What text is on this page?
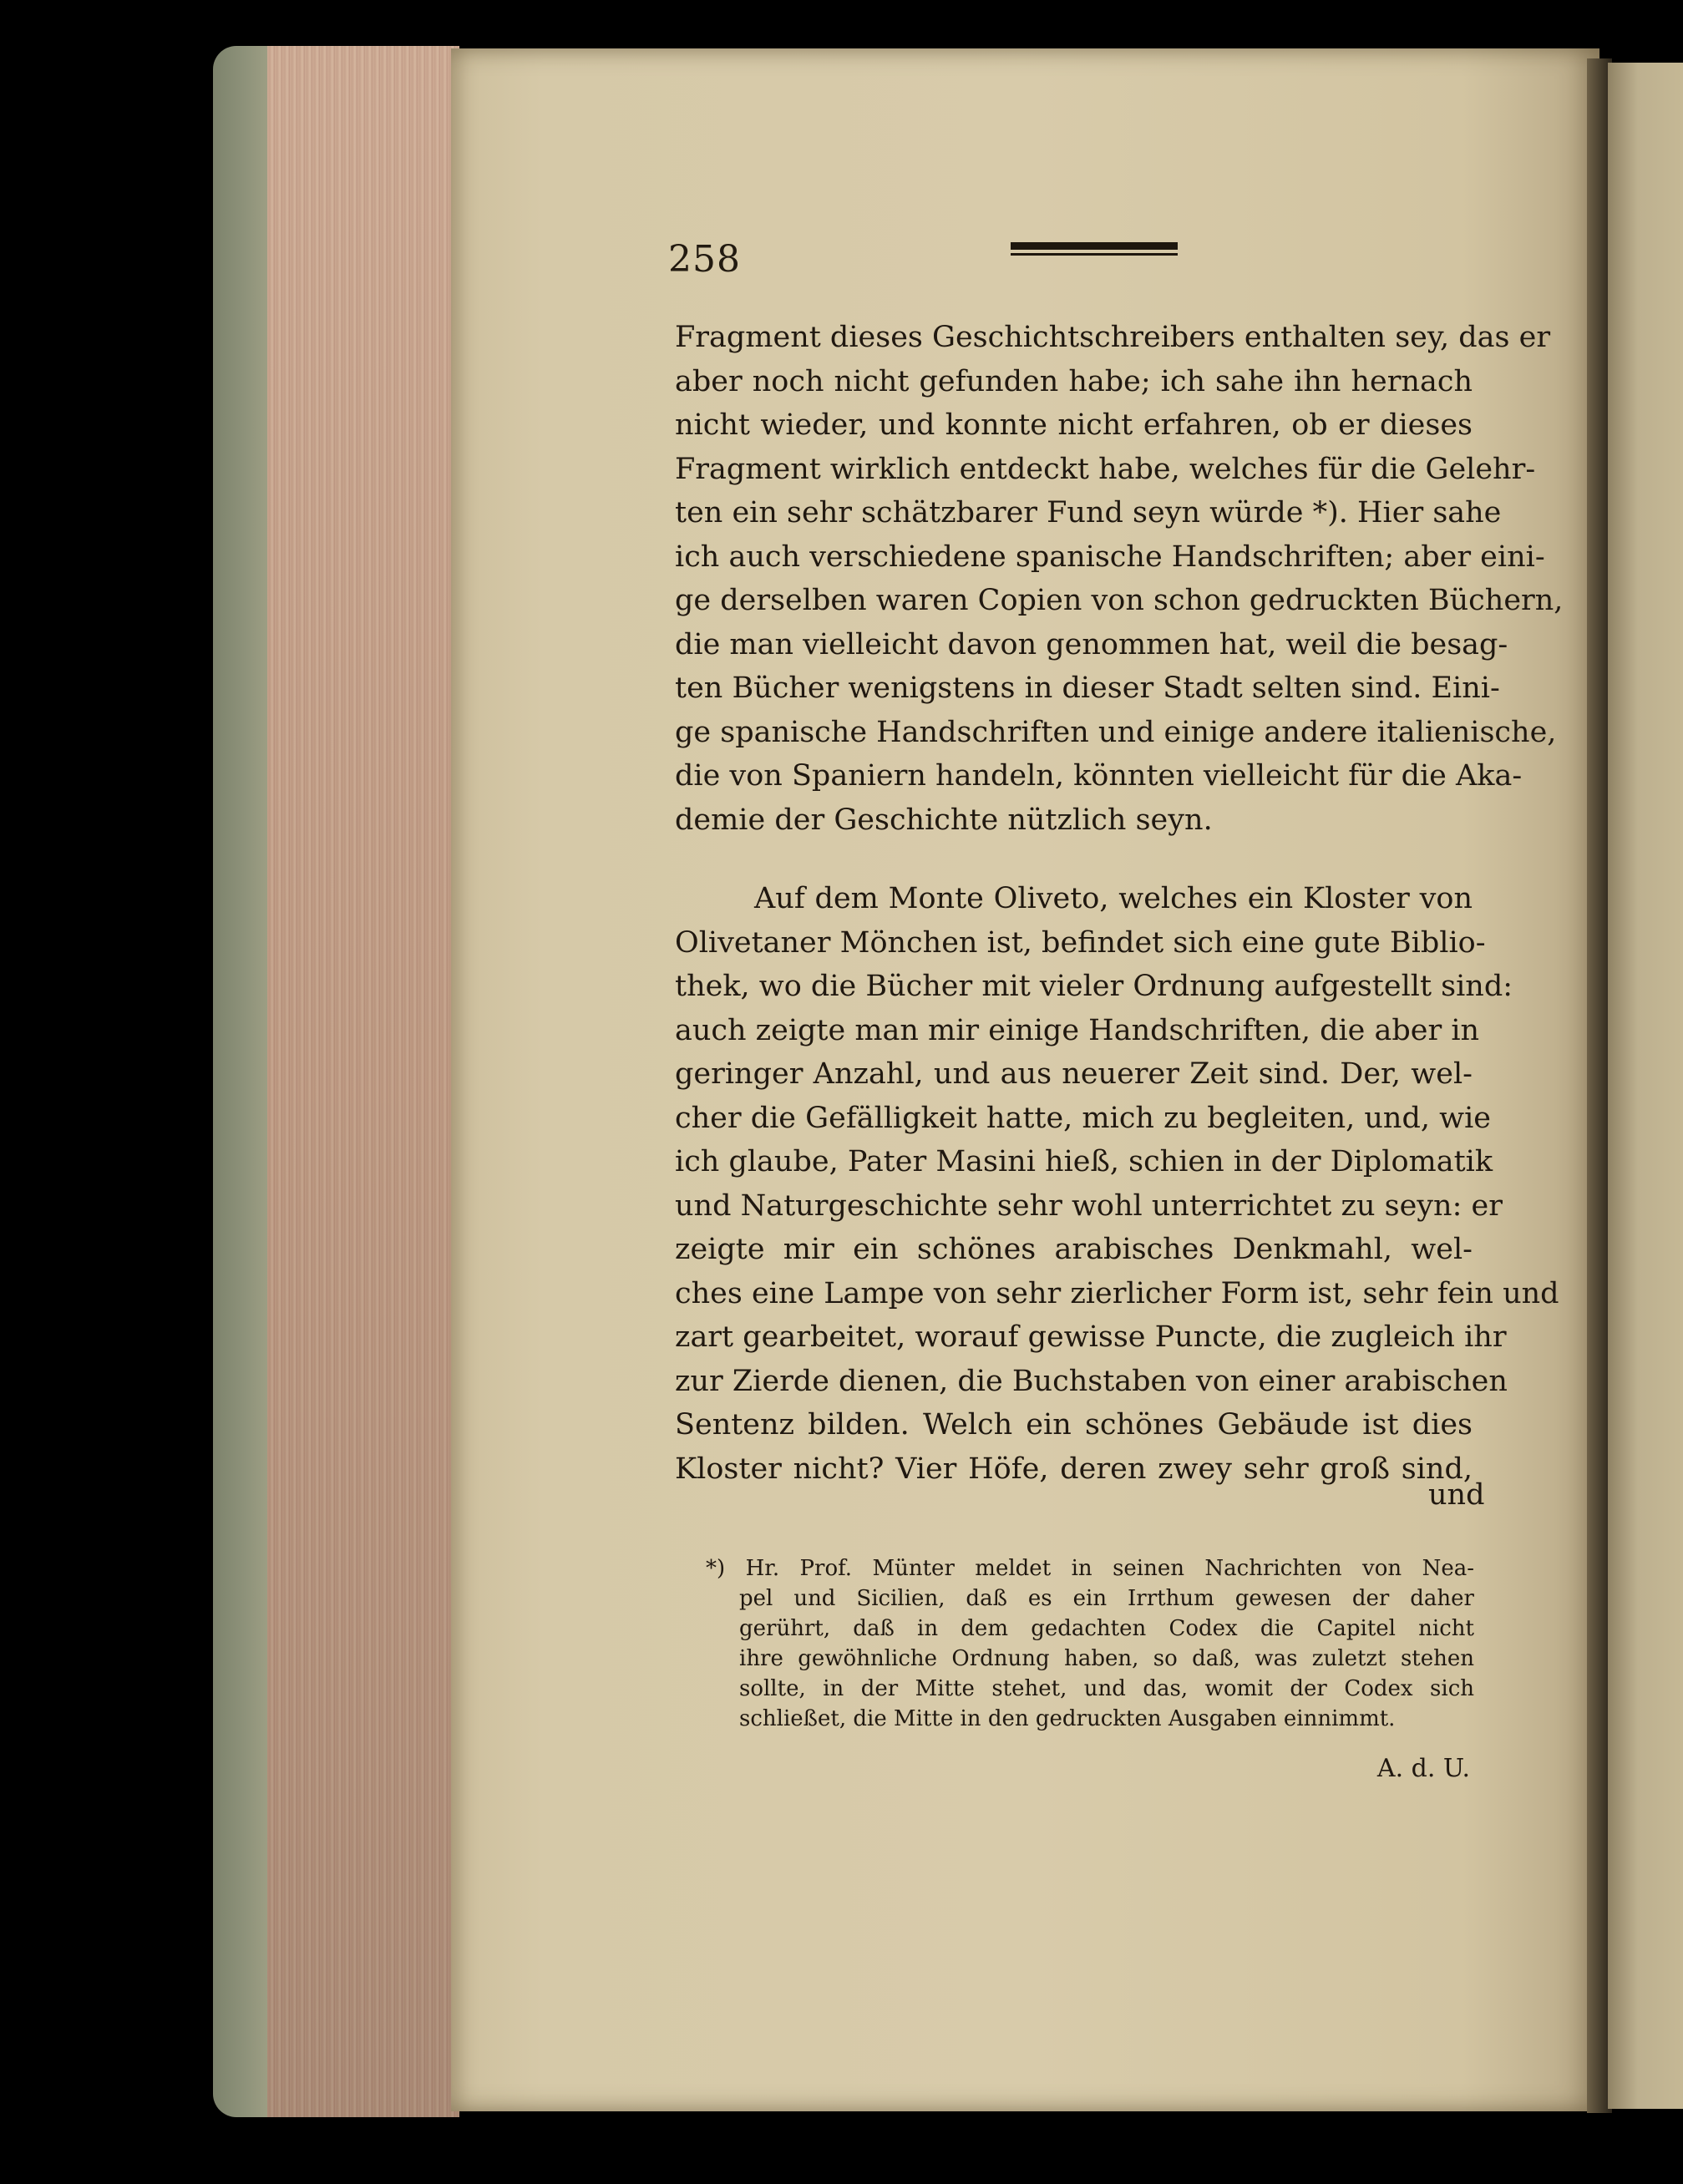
258
Fragment dieses Geschichtschreibers enthalten sey, das er
aber noch nicht gefunden habe; ich sahe ihn hernach
nicht wieder, und konnte nicht erfahren, ob er dieses
Fragment wirklich entdeckt habe, welches für die Gelehr-
ten ein sehr schätzbarer Fund seyn würde *). Hier sahe
ich auch verschiedene spanische Handschriften; aber eini-
ge derselben waren Copien von schon gedruckten Büchern,
die man vielleicht davon genommen hat, weil die besag-
ten Bücher wenigstens in dieser Stadt selten sind. Eini-
ge spanische Handschriften und einige andere italienische,
die von Spaniern handeln, könnten vielleicht für die Aka-
demie der Geschichte nützlich seyn.
Auf dem Monte Oliveto, welches ein Kloster von
Olivetaner Mönchen ist, befindet sich eine gute Biblio-
thek, wo die Bücher mit vieler Ordnung aufgestellt sind:
auch zeigte man mir einige Handschriften, die aber in
geringer Anzahl, und aus neuerer Zeit sind. Der, wel-
cher die Gefälligkeit hatte, mich zu begleiten, und, wie
ich glaube, Pater Masini hieß, schien in der Diplomatik
und Naturgeschichte sehr wohl unterrichtet zu seyn: er
zeigte mir ein schönes arabisches Denkmahl, wel-
ches eine Lampe von sehr zierlicher Form ist, sehr fein und
zart gearbeitet, worauf gewisse Puncte, die zugleich ihr
zur Zierde dienen, die Buchstaben von einer arabischen
Sentenz bilden. Welch ein schönes Gebäude ist dies
Kloster nicht? Vier Höfe, deren zwey sehr groß sind,
und
*) Hr. Prof. Münter meldet in seinen Nachrichten von Nea-
pel und Sicilien, daß es ein Irrthum gewesen der daher
gerührt, daß in dem gedachten Codex die Capitel nicht
ihre gewöhnliche Ordnung haben, so daß, was zuletzt stehen
sollte, in der Mitte stehet, und das, womit der Codex sich
schließet, die Mitte in den gedruckten Ausgaben einnimmt.
A. d. U.
